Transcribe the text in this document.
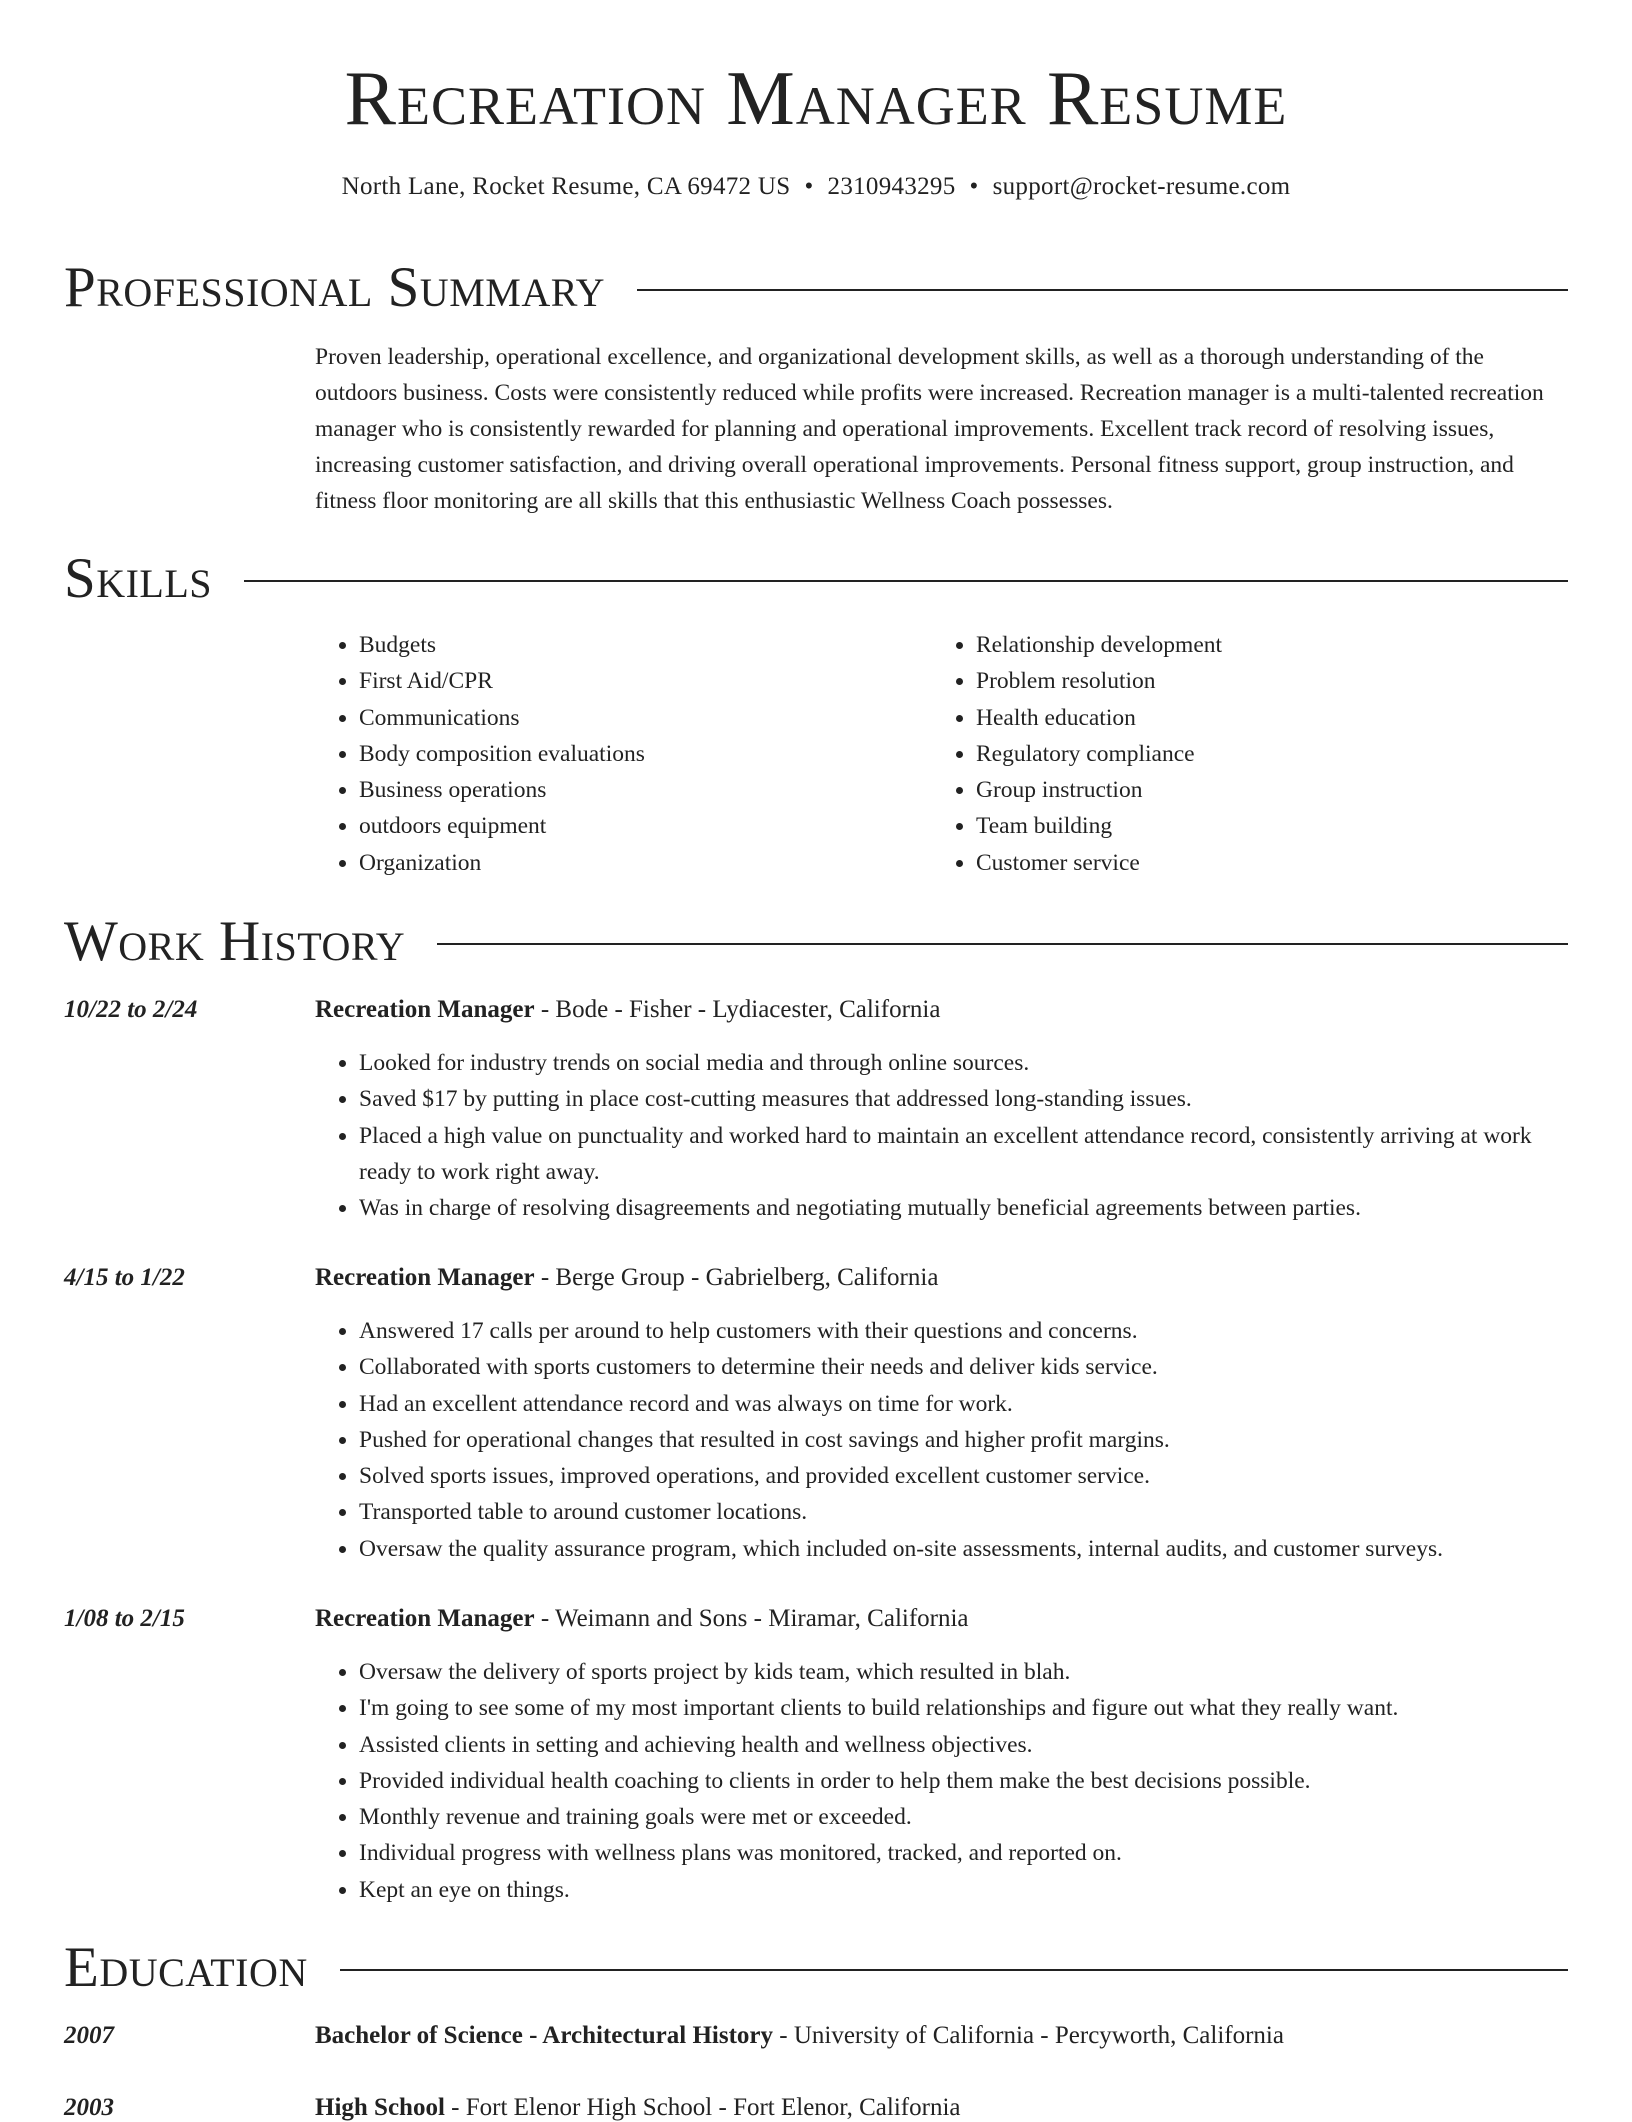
Recreation Manager Resume
North Lane, Rocket Resume, CA 69472 US • 2310943295 • support@rocket-resume.com
Professional Summary

Proven leadership, operational excellence, and organizational development skills, as well as a thorough understanding of the outdoors business. Costs were consistently reduced while profits were increased. Recreation manager is a multi-talented recreation manager who is consistently rewarded for planning and operational improvements. Excellent track record of resolving issues, increasing customer satisfaction, and driving overall operational improvements. Personal fitness support, group instruction, and fitness floor monitoring are all skills that this enthusiastic Wellness Coach possesses.

Skills
• Budgets
• First Aid/CPR
• Communications
• Body composition evaluations
• Business operations
• outdoors equipment
• Organization
• Relationship development
• Problem resolution
• Health education
• Regulatory compliance
• Group instruction
• Team building
• Customer service
Work History
10/22 to 2/24	Recreation Manager - Bode - Fisher - Lydiacester, California
• Looked for industry trends on social media and through online sources.
• Saved $17 by putting in place cost-cutting measures that addressed long-standing issues.
• Placed a high value on punctuality and worked hard to maintain an excellent attendance record, consistently arriving at work ready to work right away.
• Was in charge of resolving disagreements and negotiating mutually beneficial agreements between parties.
4/15 to 1/22	Recreation Manager - Berge Group - Gabrielberg, California
• Answered 17 calls per around to help customers with their questions and concerns.
• Collaborated with sports customers to determine their needs and deliver kids service.
• Had an excellent attendance record and was always on time for work.
• Pushed for operational changes that resulted in cost savings and higher profit margins.
• Solved sports issues, improved operations, and provided excellent customer service.
• Transported table to around customer locations.
• Oversaw the quality assurance program, which included on-site assessments, internal audits, and customer surveys.
1/08 to 2/15	Recreation Manager - Weimann and Sons - Miramar, California
• Oversaw the delivery of sports project by kids team, which resulted in blah.
• I'm going to see some of my most important clients to build relationships and figure out what they really want.
• Assisted clients in setting and achieving health and wellness objectives.
• Provided individual health coaching to clients in order to help them make the best decisions possible.
• Monthly revenue and training goals were met or exceeded.
• Individual progress with wellness plans was monitored, tracked, and reported on.
• Kept an eye on things.
Education
2007	Bachelor of Science - Architectural History - University of California - Percyworth, California
2003	High School - Fort Elenor High School - Fort Elenor, California
